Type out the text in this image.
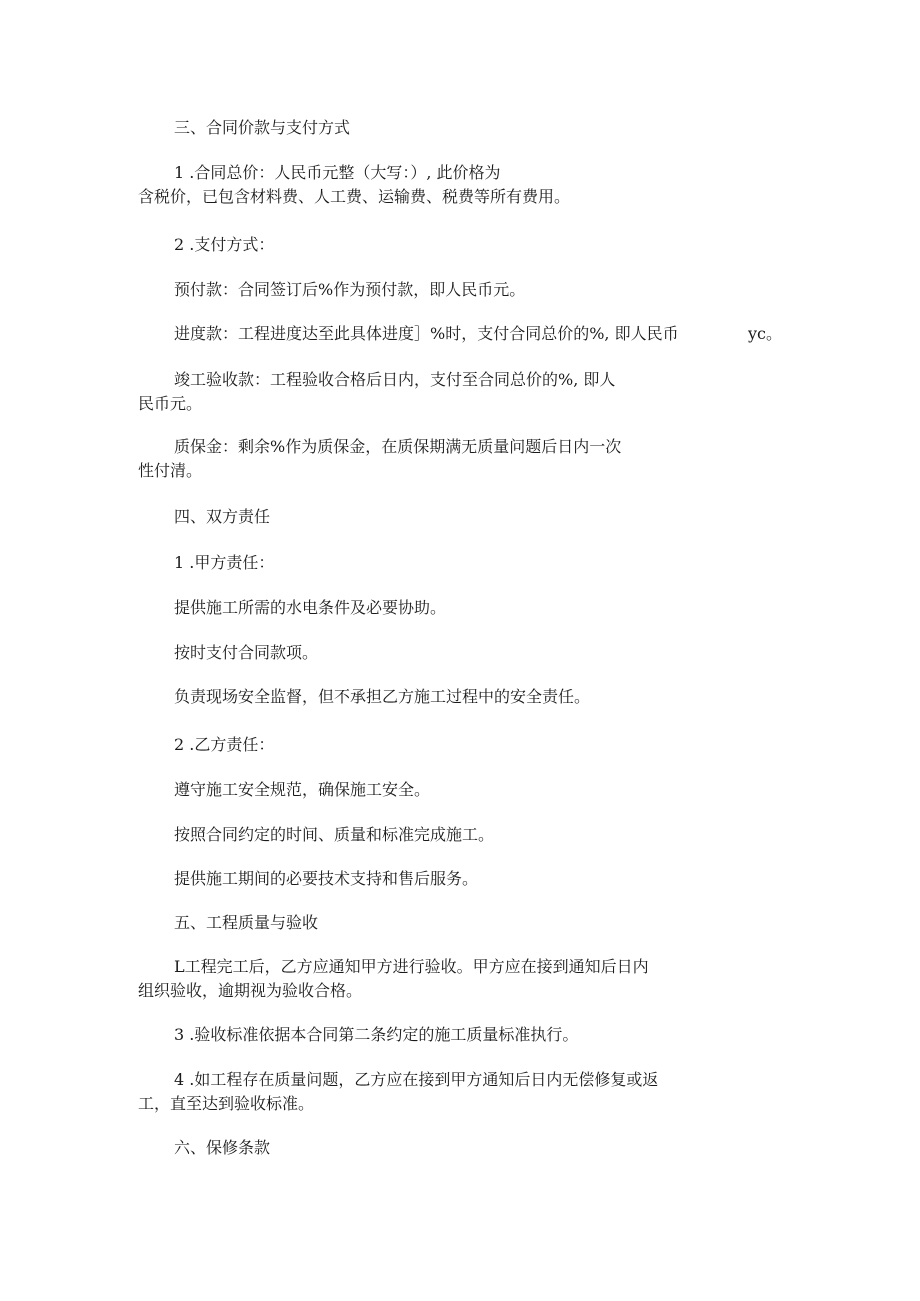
三、合同价款与支付方式
1 .合同总价：人民币元整（大写：）, 此价格为
含税价，已包含材料费、人工费、运输费、税费等所有费用。
2 .支付方式：
预付款：合同签订后%作为预付款，即人民币元。
进度款：工程进度达至此具体进度］%时，支付合同总价的%, 即人民币	yc。
竣工验收款：工程验收合格后日内，支付至合同总价的%, 即人
民币元。
质保金：剩余%作为质保金，在质保期满无质量问题后日内一次
性付清。
四、双方责任
1 .甲方责任：
提供施工所需的水电条件及必要协助。
按时支付合同款项。
负责现场安全监督，但不承担乙方施工过程中的安全责任。
2 .乙方责任：
遵守施工安全规范，确保施工安全。
按照合同约定的时间、质量和标准完成施工。
提供施工期间的必要技术支持和售后服务。
五、工程质量与验收
L工程完工后，乙方应通知甲方进行验收。甲方应在接到通知后日内
组织验收，逾期视为验收合格。
3 .验收标准依据本合同第二条约定的施工质量标准执行。
4 .如工程存在质量问题，乙方应在接到甲方通知后日内无偿修复或返
工，直至达到验收标准。
六、保修条款
